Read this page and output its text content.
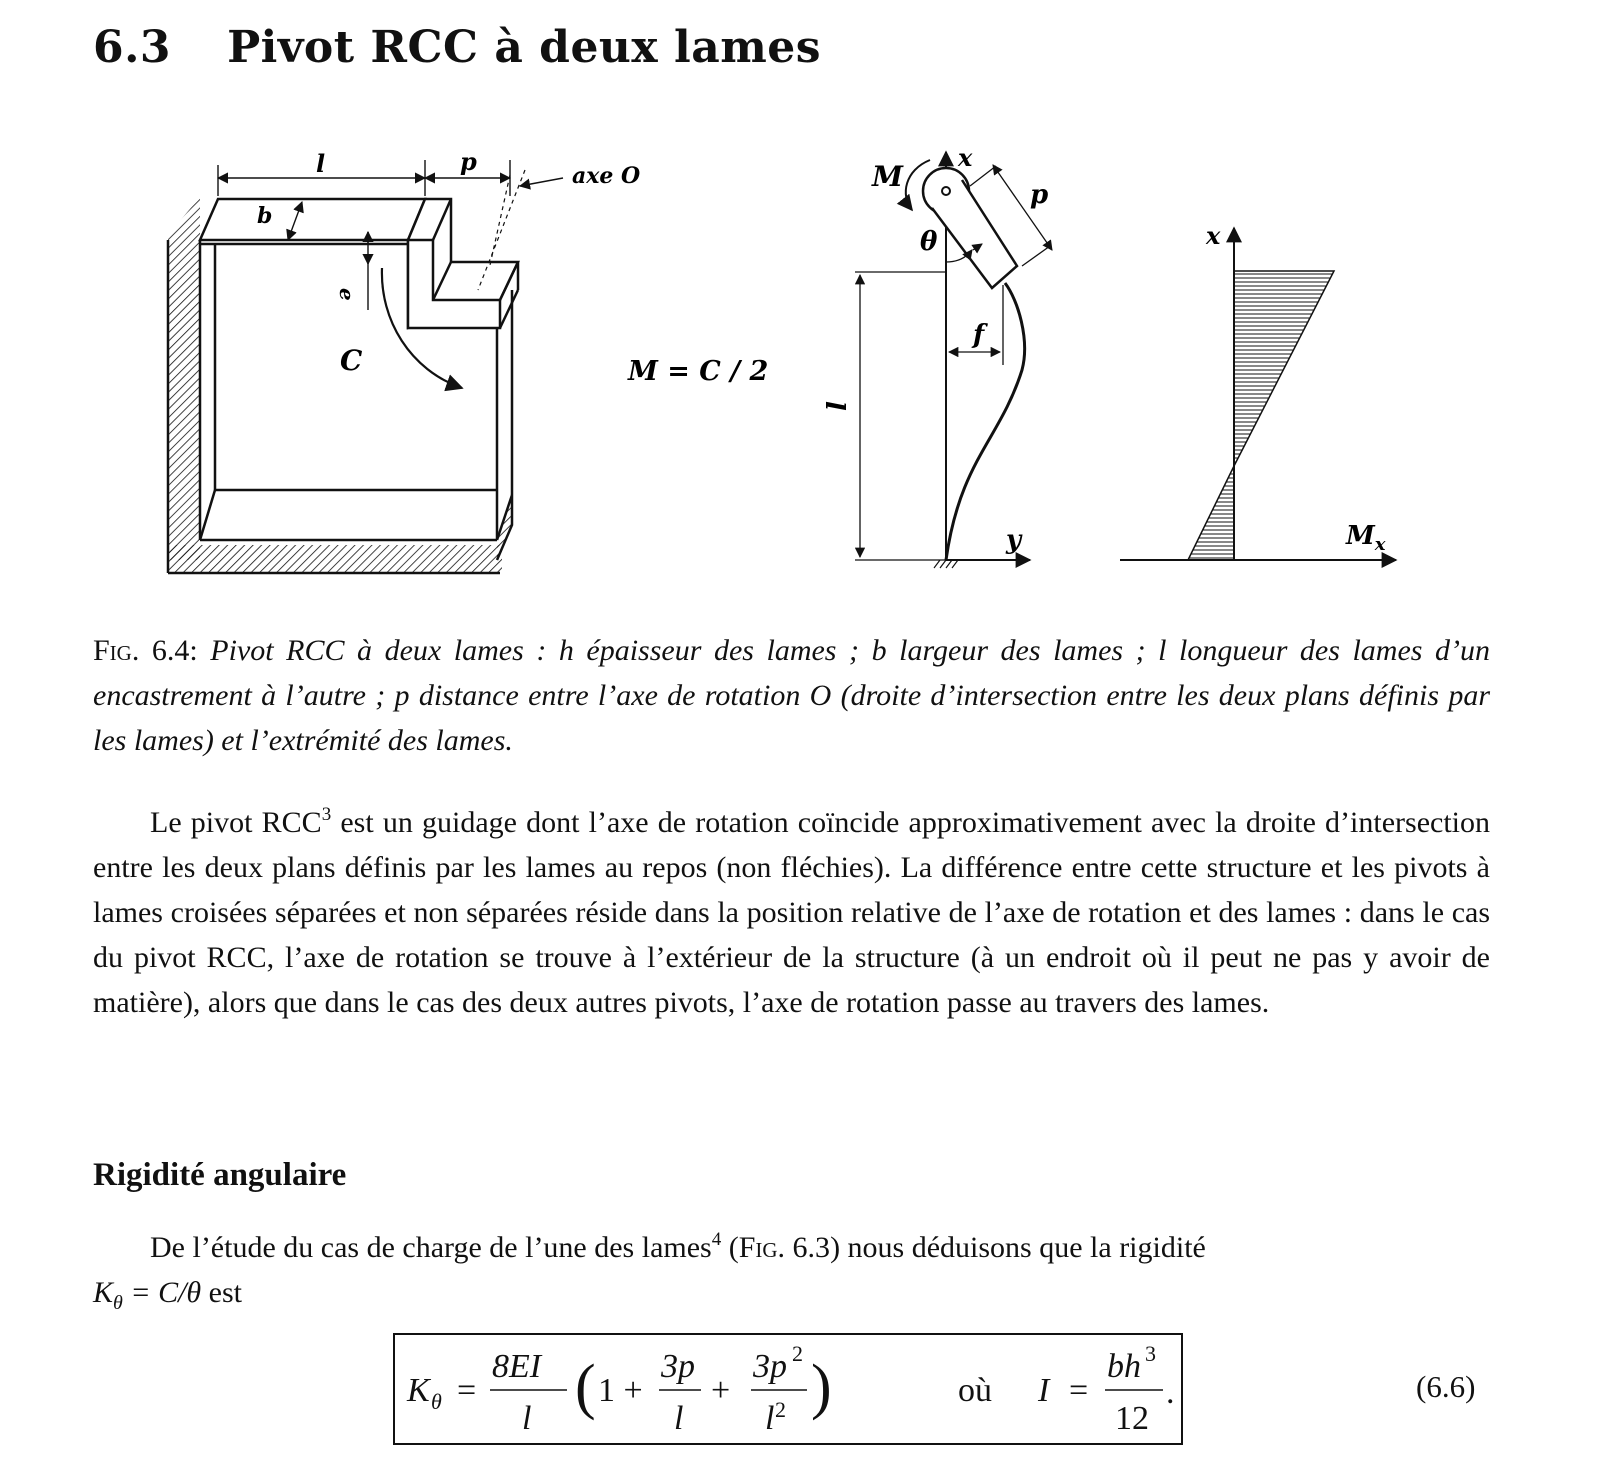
6.3 Pivot RCC à deux lames
l	p	axe O
b
e
C	M = C / 2
M
x
θ
p
f
l
y
x
$M_x$
Fig. 6.4: Pivot RCC à deux lames : h épaisseur des lames ; b largeur des lames ; l longueur des lames d’un encastrement à l’autre ; p distance entre l’axe de rotation O (droite d’intersection entre les deux plans définis par les lames) et l’extrémité des lames.
Le pivot RCC$^3$ est un guidage dont l’axe de rotation coïncide approximativement avec la droite d’intersection entre les deux plans définis par les lames au repos (non fléchies). La différence entre cette structure et les pivots à lames croisées séparées et non séparées réside dans la position relative de l’axe de rotation et des lames : dans le cas du pivot RCC, l’axe de rotation se trouve à l’extérieur de la structure (à un endroit où il peut ne pas y avoir de matière), alors que dans le cas des deux autres pivots, l’axe de rotation passe au travers des lames.
Rigidité angulaire
De l’étude du cas de charge de l’une des lames$^4$ (Fig. 6.3) nous déduisons que la rigidité
$K_\theta = C/\theta$ est
K θ =
8EI
l ( 1 +
3p
l
+
3p 2
l 2 )	où I =
bh 3
12
.	(6.6)
